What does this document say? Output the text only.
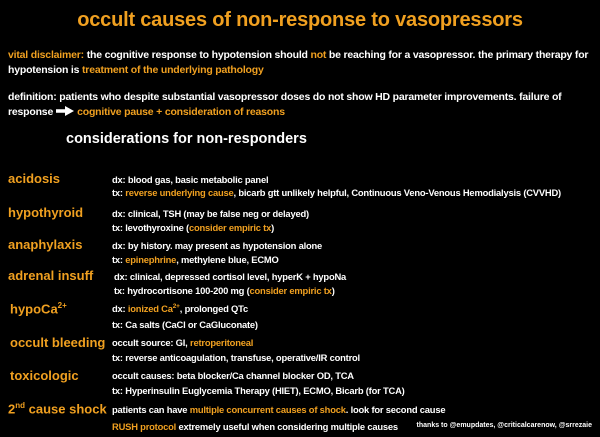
occult causes of non-response to vasopressors
vital disclaimer: the cognitive response to hypotension should not be reaching for a vasopressor. the primary therapy for
hypotension is treatment of the underlying pathology
definition: patients who despite substantial vasopressor doses do not show HD parameter improvements. failure of
response cognitive pause + consideration of reasons
considerations for non-responders
acidosis	dx: blood gas, basic metabolic panel
tx: reverse underlying cause, bicarb gtt unlikely helpful, Continuous Veno-Venous Hemodialysis (CVVHD)
hypothyroid	dx: clinical, TSH (may be false neg or delayed)
tx: levothyroxine (consider empiric tx)
anaphylaxis	dx: by history. may present as hypotension alone
tx: epinephrine, methylene blue, ECMO
adrenal insuff dx: clinical, depressed cortisol level, hyperK + hypoNa
tx: hydrocortisone 100-200 mg (consider empiric tx)
hypoCa$^{2+}$	dx: ionized $Ca^{2+}$, prolonged QTc
tx: Ca salts (CaCl or CaGluconate)
occult bleeding occult source: GI, retroperitoneal
tx: reverse anticoagulation, transfuse, operative/IR control
toxicologic	occult causes: beta blocker/Ca channel blocker OD, TCA
tx: Hyperinsulin Euglycemia Therapy (HIET), ECMO, Bicarb (for TCA)
2nd cause shock patients can have multiple concurrent causes of shock. look for second cause
RUSH protocol extremely useful when considering multiple causes	thanks to @emupdates, @criticalcarenow, @srrezaie
